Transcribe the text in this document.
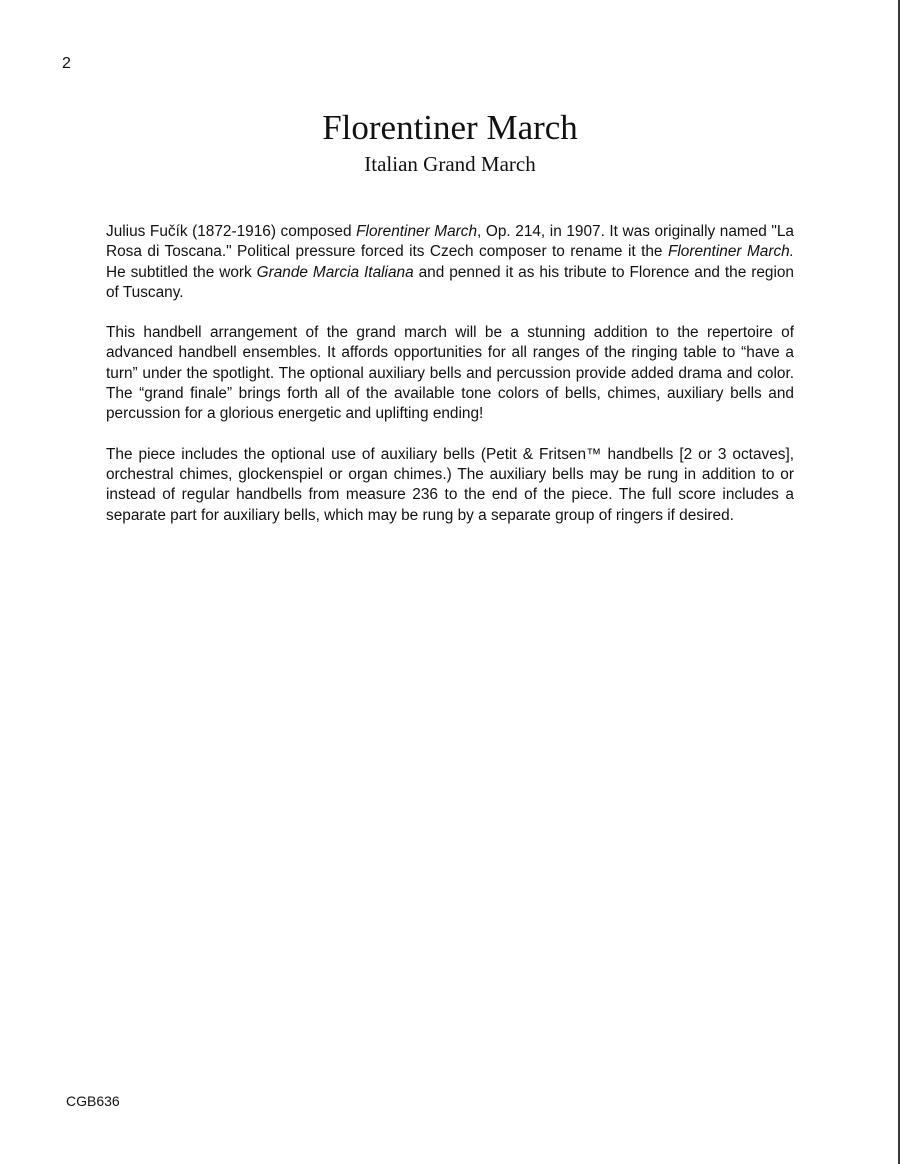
2
Florentiner March
Italian Grand March

Julius Fučík (1872-1916) composed Florentiner March, Op. 214, in 1907. It was originally named "La Rosa di Toscana." Political pressure forced its Czech composer to rename it the Florentiner March. He subtitled the work Grande Marcia Italiana and penned it as his tribute to Florence and the region of Tuscany.

This handbell arrangement of the grand march will be a stunning addition to the repertoire of advanced handbell ensembles. It affords opportunities for all ranges of the ringing table to “have a turn” under the spotlight. The optional auxiliary bells and percussion provide added drama and color. The “grand finale” brings forth all of the available tone colors of bells, chimes, auxiliary bells and percussion for a glorious energetic and uplifting ending!

The piece includes the optional use of auxiliary bells (Petit & Fritsen™ handbells [2 or 3 octaves], orchestral chimes, glockenspiel or organ chimes.) The auxiliary bells may be rung in addition to or instead of regular handbells from measure 236 to the end of the piece. The full score includes a separate part for auxiliary bells, which may be rung by a separate group of ringers if desired.

CGB636
